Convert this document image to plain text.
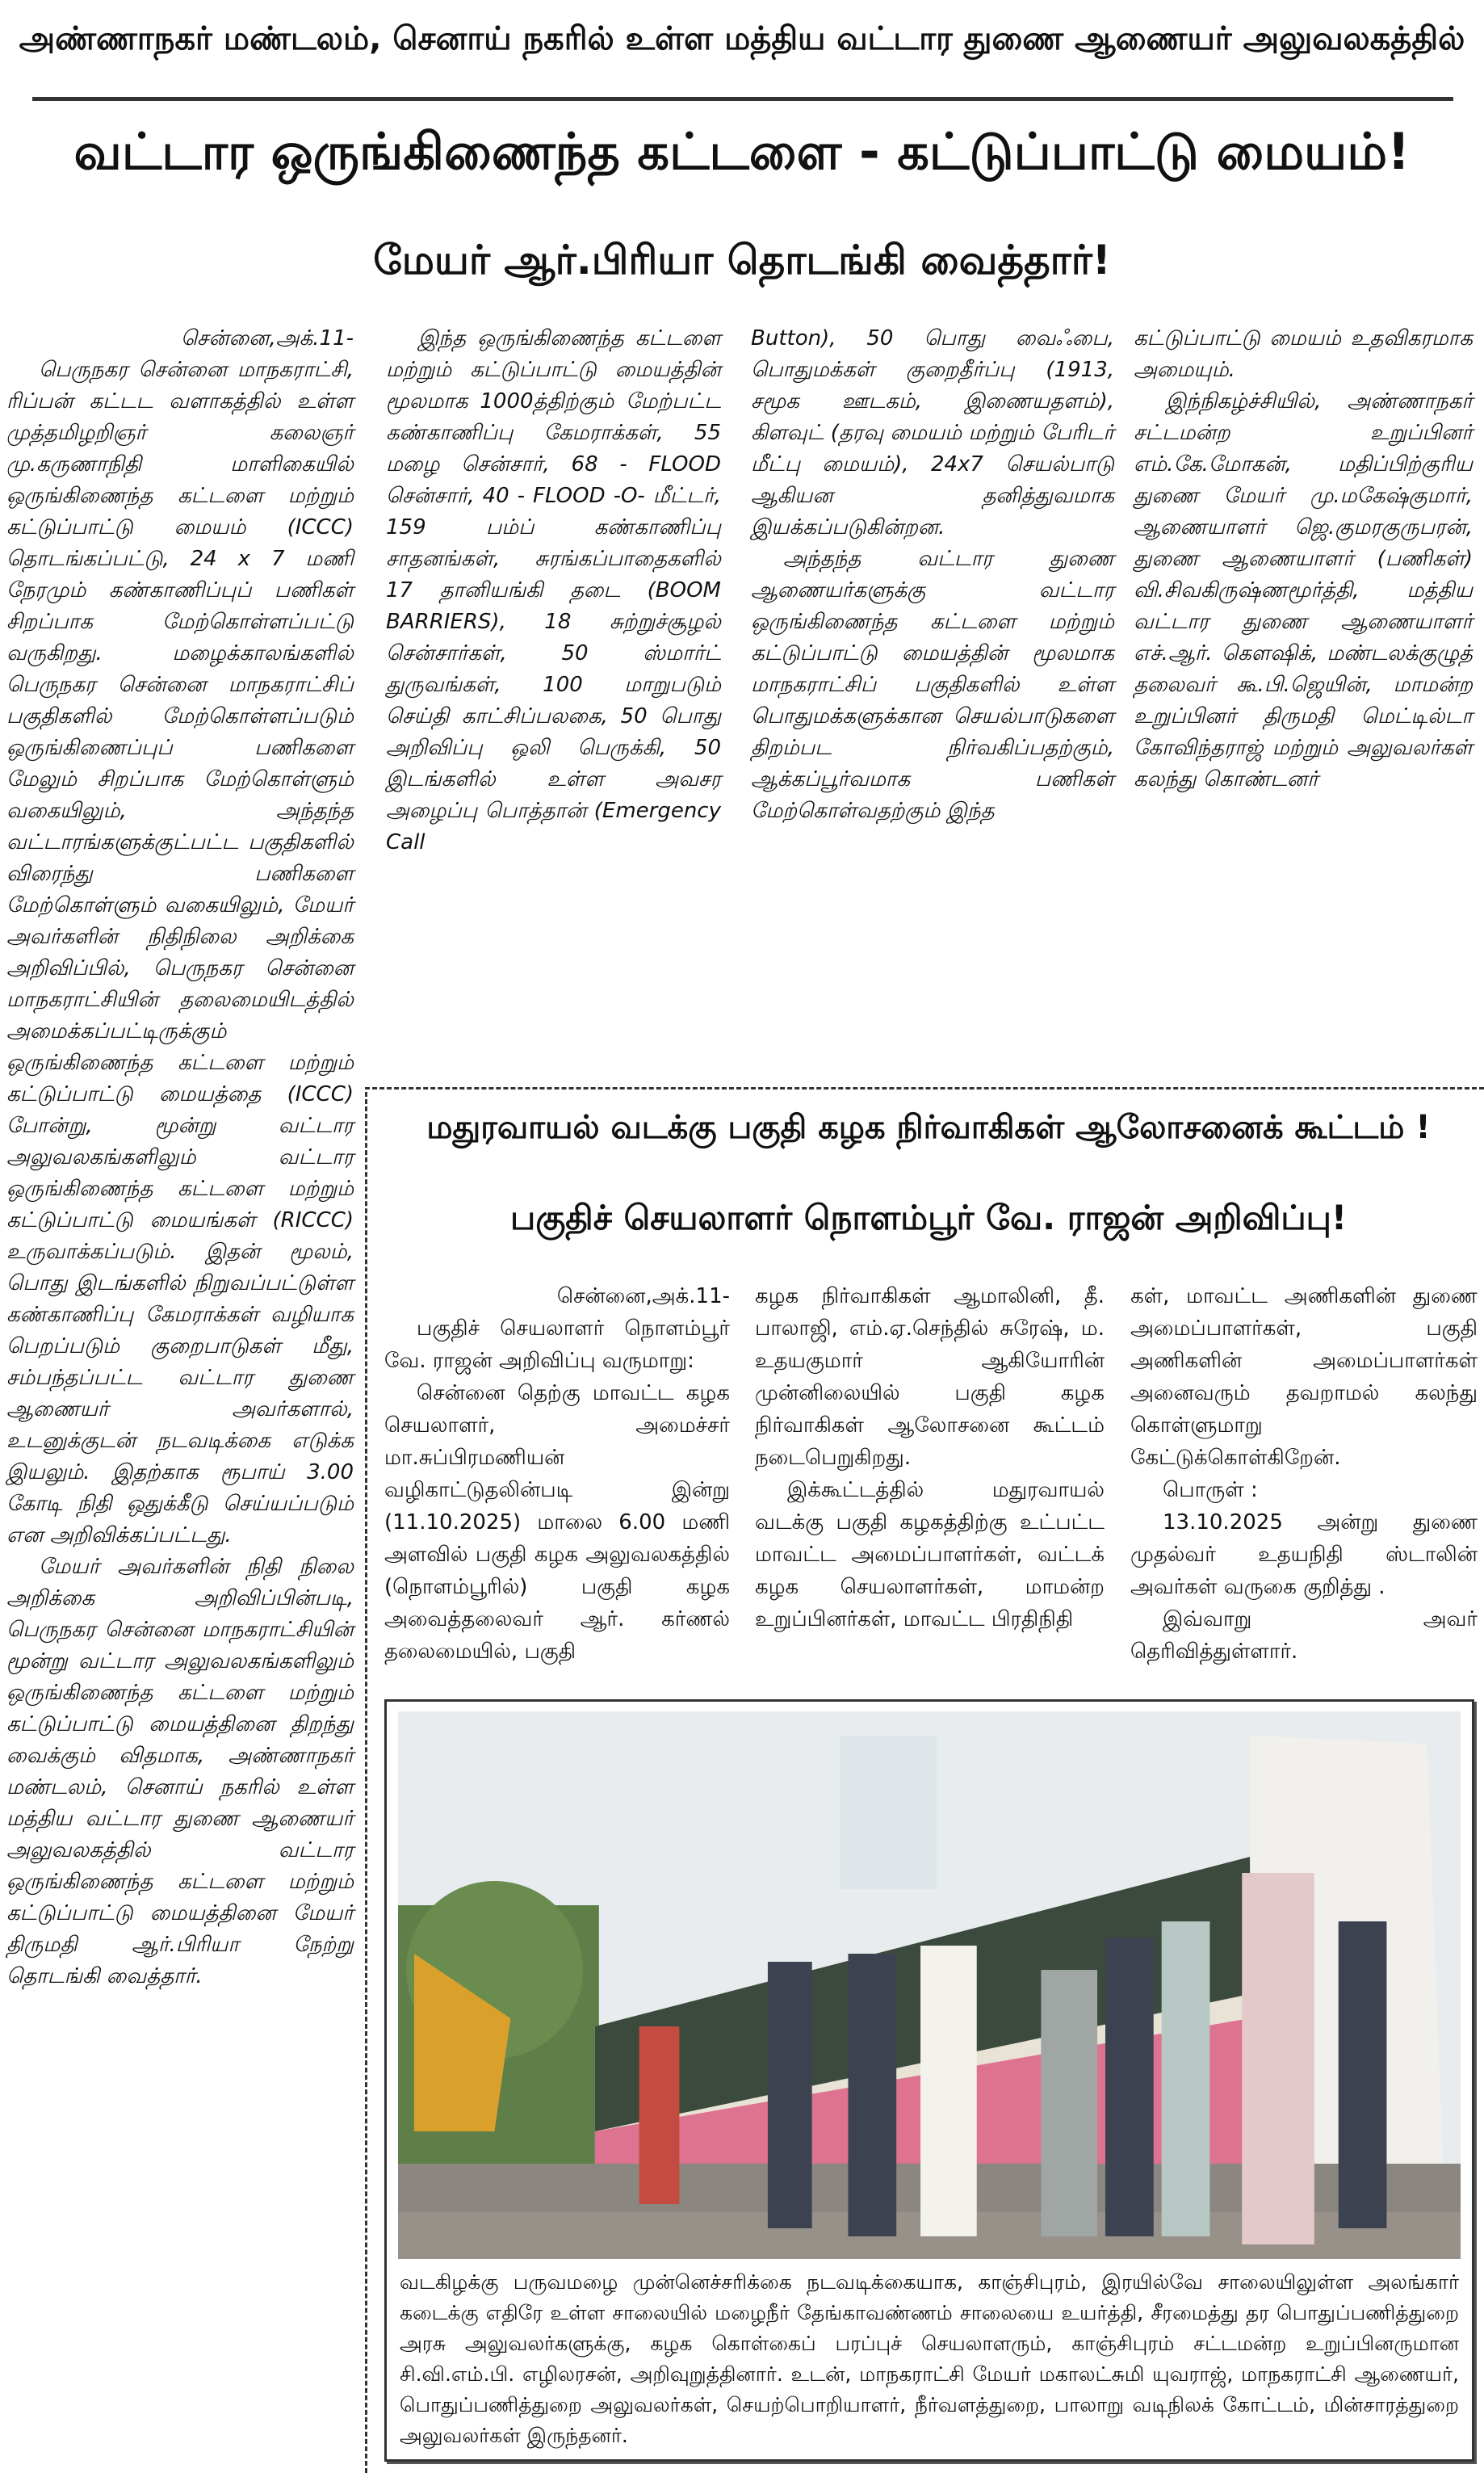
அண்ணாநகர் மண்டலம், செனாய் நகரில் உள்ள மத்திய வட்டார துணை ஆணையர் அலுவலகத்தில்
வட்டார ஒருங்கிணைந்த கட்டளை - கட்டுப்பாட்டு மையம்!
மேயர் ஆர்.பிரியா தொடங்கி வைத்தார்!

சென்னை,அக்.11-

பெருநகர சென்னை மாநகராட்சி, ரிப்பன் கட்டட வளாகத்தில் உள்ள முத்தமிழறிஞர் கலைஞர் மு.கருணாநிதி மாளிகையில் ஒருங்கிணைந்த கட்டளை மற்றும் கட்டுப்பாட்டு மையம் (ICCC) தொடங்கப்பட்டு, 24 x 7 மணி நேரமும் கண்காணிப்புப் பணிகள் சிறப்பாக மேற்கொள்ளப்பட்டு வருகிறது. மழைக்காலங்களில் பெருநகர சென்னை மாநகராட்சிப் பகுதிகளில் மேற்கொள்ளப்படும் ஒருங்கிணைப்புப் பணிகளை மேலும் சிறப்பாக மேற்கொள்ளும் வகையிலும், அந்தந்த வட்டாரங்களுக்குட்பட்ட பகுதிகளில் விரைந்து பணிகளை மேற்கொள்ளும் வகையிலும், மேயர் அவர்களின் நிதிநிலை அறிக்கை அறிவிப்பில், பெருநகர சென்னை மாநகராட்சியின் தலைமையிடத்தில் அமைக்கப்பட்டிருக்கும் ஒருங்கிணைந்த கட்டளை மற்றும் கட்டுப்பாட்டு மையத்தை (ICCC) போன்று, மூன்று வட்டார அலுவலகங்களிலும் வட்டார ஒருங்கிணைந்த கட்டளை மற்றும் கட்டுப்பாட்டு மையங்கள் (RICCC) உருவாக்கப்படும். இதன் மூலம், பொது இடங்களில் நிறுவப்பட்டுள்ள கண்காணிப்பு கேமராக்கள் வழியாக பெறப்படும் குறைபாடுகள் மீது, சம்பந்தப்பட்ட வட்டார துணை ஆணையர் அவர்களால், உடனுக்குடன் நடவடிக்கை எடுக்க இயலும். இதற்காக ரூபாய் 3.00 கோடி நிதி ஒதுக்கீடு செய்யப்படும் என அறிவிக்கப்பட்டது.

மேயர் அவர்களின் நிதி நிலை அறிக்கை அறிவிப்பின்படி, பெருநகர சென்னை மாநகராட்சியின் மூன்று வட்டார அலுவலகங்களிலும் ஒருங்கிணைந்த கட்டளை மற்றும் கட்டுப்பாட்டு மையத்தினை திறந்து வைக்கும் விதமாக, அண்ணாநகர் மண்டலம், செனாய் நகரில் உள்ள மத்திய வட்டார துணை ஆணையர் அலுவலகத்தில் வட்டார ஒருங்கிணைந்த கட்டளை மற்றும் கட்டுப்பாட்டு மையத்தினை மேயர் திருமதி ஆர்.பிரியா நேற்று தொடங்கி வைத்தார்.

இந்த ஒருங்கிணைந்த கட்டளை மற்றும் கட்டுப்பாட்டு மையத்தின் மூலமாக 1000த்திற்கும் மேற்பட்ட கண்காணிப்பு கேமராக்கள், 55 மழை சென்சார், 68 - FLOOD சென்சார், 40 - FLOOD -O- மீட்டர், 159 பம்ப் கண்காணிப்பு சாதனங்கள், சுரங்கப்பாதைகளில் 17 தானியங்கி தடை (BOOM BARRIERS), 18 சுற்றுச்சூழல் சென்சார்கள், 50 ஸ்மார்ட் துருவங்கள், 100 மாறுபடும் செய்தி காட்சிப்பலகை, 50 பொது அறிவிப்பு ஒலி பெருக்கி, 50 இடங்களில் உள்ள அவசர அழைப்பு பொத்தான் (Emergency Call

Button), 50 பொது வைஃபை, பொதுமக்கள் குறைதீர்ப்பு (1913, சமூக ஊடகம், இணையதளம்), கிளவுட் (தரவு மையம் மற்றும் பேரிடர் மீட்பு மையம்), 24x7 செயல்பாடு ஆகியன தனித்துவமாக இயக்கப்படுகின்றன.

அந்தந்த வட்டார துணை ஆணையர்களுக்கு வட்டார ஒருங்கிணைந்த கட்டளை மற்றும் கட்டுப்பாட்டு மையத்தின் மூலமாக மாநகராட்சிப் பகுதிகளில் உள்ள பொதுமக்களுக்கான செயல்பாடுகளை திறம்பட நிர்வகிப்பதற்கும், ஆக்கப்பூர்வமாக பணிகள் மேற்கொள்வதற்கும் இந்த

கட்டுப்பாட்டு மையம் உதவிகரமாக அமையும்.

இந்நிகழ்ச்சியில், அண்ணாநகர் சட்டமன்ற உறுப்பினர் எம்.கே.மோகன், மதிப்பிற்குரிய துணை மேயர் மு.மகேஷ்குமார், ஆணையாளர் ஜெ.குமரகுருபரன், துணை ஆணையாளர் (பணிகள்) வி.சிவகிருஷ்ணமூர்த்தி, மத்திய வட்டார துணை ஆணையாளர் எச்.ஆர். கௌஷிக், மண்டலக்குழுத் தலைவர் கூ.பி.ஜெயின், மாமன்ற உறுப்பினர் திருமதி மெட்டில்டா கோவிந்தராஜ் மற்றும் அலுவலர்கள் கலந்து கொண்டனர்

மதுரவாயல் வடக்கு பகுதி கழக நிர்வாகிகள் ஆலோசனைக் கூட்டம் !
பகுதிச் செயலாளர் நொளம்பூர் வே. ராஜன் அறிவிப்பு!

சென்னை,அக்.11-

பகுதிச் செயலாளர் நொளம்பூர் வே. ராஜன் அறிவிப்பு வருமாறு:

சென்னை தெற்கு மாவட்ட கழக செயலாளர், அமைச்சர் மா.சுப்பிரமணியன் வழிகாட்டுதலின்படி இன்று (11.10.2025) மாலை 6.00 மணி அளவில் பகுதி கழக அலுவலகத்தில் (நொளம்பூரில்) பகுதி கழக அவைத்தலைவர் ஆர். கர்ணல் தலைமையில், பகுதி

கழக நிர்வாகிகள் ஆமாலினி, தீ. பாலாஜி, எம்.ஏ.செந்தில் சுரேஷ், ம. உதயகுமார் ஆகியோரின் முன்னிலையில் பகுதி கழக நிர்வாகிகள் ஆலோசனை கூட்டம் நடைபெறுகிறது.

இக்கூட்டத்தில் மதுரவாயல் வடக்கு பகுதி கழகத்திற்கு உட்பட்ட மாவட்ட அமைப்பாளர்கள், வட்டக் கழக செயலாளர்கள், மாமன்ற உறுப்பினர்கள், மாவட்ட பிரதிநிதி

கள், மாவட்ட அணிகளின் துணை அமைப்பாளர்கள், பகுதி அணிகளின் அமைப்பாளர்கள் அனைவரும் தவறாமல் கலந்து கொள்ளுமாறு கேட்டுக்கொள்கிறேன்.

பொருள் :

13.10.2025 அன்று துணை முதல்வர் உதயநிதி ஸ்டாலின் அவர்கள் வருகை குறித்து .

இவ்வாறு அவர் தெரிவித்துள்ளார்.

வடகிழக்கு பருவமழை முன்னெச்சரிக்கை நடவடிக்கையாக, காஞ்சிபுரம், இரயில்வே சாலையிலுள்ள அலங்கார் கடைக்கு எதிரே உள்ள சாலையில் மழைநீர் தேங்காவண்ணம் சாலையை உயர்த்தி, சீரமைத்து தர பொதுப்பணித்துறை அரசு அலுவலர்களுக்கு, கழக கொள்கைப் பரப்புச் செயலாளரும், காஞ்சிபுரம் சட்டமன்ற உறுப்பினருமான சி.வி.எம்.பி. எழிலரசன், அறிவுறுத்தினார். உடன், மாநகராட்சி மேயர் மகாலட்சுமி யுவராஜ், மாநகராட்சி ஆணையர், பொதுப்பணித்துறை அலுவலர்கள், செயற்பொறியாளர், நீர்வளத்துறை, பாலாறு வடிநிலக் கோட்டம், மின்சாரத்துறை அலுவலர்கள் இருந்தனர்.
